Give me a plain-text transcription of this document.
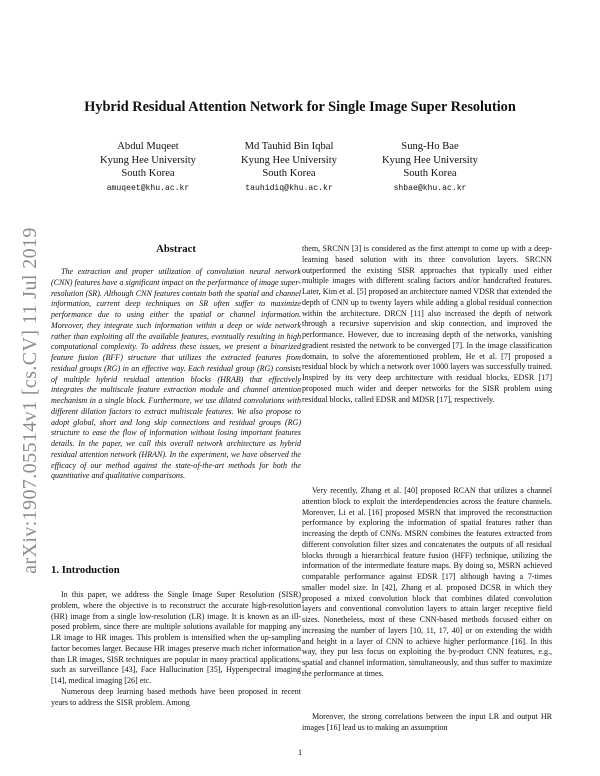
arXiv:1907.05514v1 [cs.CV] 11 Jul 2019
Hybrid Residual Attention Network for Single Image Super Resolution
Abdul Muqeet
Kyung Hee University
South Korea
amuqeet@khu.ac.kr
Md Tauhid Bin Iqbal
Kyung Hee University
South Korea
tauhidiq@khu.ac.kr
Sung-Ho Bae
Kyung Hee University
South Korea
shbae@khu.ac.kr
Abstract

The extraction and proper utilization of convolution neural network (CNN) features have a significant impact on the performance of image super-resolution (SR). Although CNN features contain both the spatial and channel information, current deep techniques on SR often suffer to maximize performance due to using either the spatial or channel information. Moreover, they integrate such information within a deep or wide network rather than exploiting all the available features, eventually resulting in high computational complexity. To address these issues, we present a binarized feature fusion (BFF) structure that utilizes the extracted features from residual groups (RG) in an effective way. Each residual group (RG) consists of multiple hybrid residual attention blocks (HRAB) that effectively integrates the multiscale feature extraction module and channel attention mechanism in a single block. Furthermore, we use dilated convolutions with different dilation factors to extract multiscale features. We also propose to adopt global, short and long skip connections and residual groups (RG) structure to ease the flow of information without losing important features details. In the paper, we call this overall network architecture as hybrid residual attention network (HRAN). In the experiment, we have observed the efficacy of our method against the state-of-the-art methods for both the quantitative and qualitative comparisons.

1. Introduction

In this paper, we address the Single Image Super Resolution (SISR) problem, where the objective is to reconstruct the accurate high-resolution (HR) image from a single low-resolution (LR) image. It is known as an ill-posed problem, since there are multiple solutions available for mapping any LR image to HR images. This problem is intensified when the up-sampling factor becomes larger. Because HR images preserve much richer information than LR images, SISR techniques are popular in many practical applications, such as surveillance [43], Face Hallucination [35], Hyperspectral imaging [14], medical imaging [26] etc.

Numerous deep learning based methods have been proposed in recent years to address the SISR problem. Among

them, SRCNN [3] is considered as the first attempt to come up with a deep-learning based solution with its three convolution layers. SRCNN outperformed the existing SISR approaches that typically used either multiple images with different scaling factors and/or handcrafted features. Later, Kim et al. [5] proposed an architecture named VDSR that extended the depth of CNN up to twenty layers while adding a global residual connection within the architecture. DRCN [11] also increased the depth of network through a recursive supervision and skip connection, and improved the performance. However, due to increasing depth of the networks, vanishing gradient resisted the network to be converged [7]. In the image classification domain, to solve the aforementioned problem, He et al. [7] proposed a residual block by which a network over 1000 layers was successfully trained. Inspired by its very deep architecture with residual blocks, EDSR [17] proposed much wider and deeper networks for the SISR problem using residual blocks, called EDSR and MDSR [17], respectively.

Very recently, Zhang et al. [40] proposed RCAN that utilizes a channel attention block to exploit the interdependencies across the feature channels. Moreover, Li et al. [16] proposed MSRN that improved the reconstruction performance by exploring the information of spatial features rather than increasing the depth of CNNs. MSRN combines the features extracted from different convolution filter sizes and concatenates the outputs of all residual blocks through a hierarchical feature fusion (HFF) technique, utilizing the information of the intermediate feature maps. By doing so, MSRN achieved comparable performance against EDSR [17] although having a 7-times smaller model size. In [42], Zhang et al. proposed DCSR in which they proposed a mixed convolution block that combines dilated convolution layers and conventional convolution layers to attain larger receptive field sizes. Nonetheless, most of these CNN-based methods focused either on increasing the number of layers [10, 11, 17, 40] or on extending the width and height in a layer of CNN to achieve higher performance [16]. In this way, they put less focus on exploiting the by-product CNN features, e.g., spatial and channel information, simultaneously, and thus suffer to maximize the performance at times.

Moreover, the strong correlations between the input LR and output HR images [16] lead us to making an assumption

1
